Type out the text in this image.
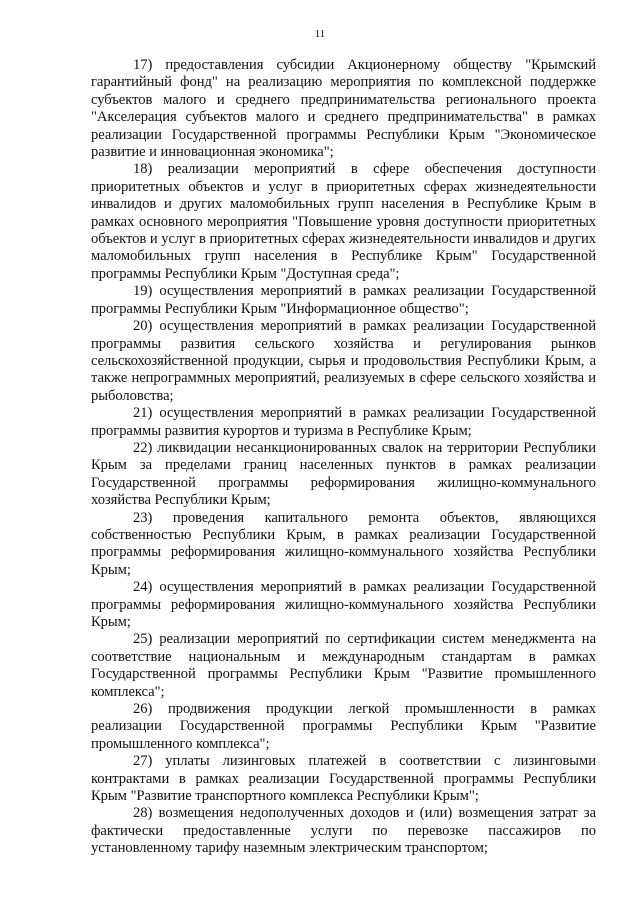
11

17) предоставления субсидии Акционерному обществу "Крымский гарантийный фонд" на реализацию мероприятия по комплексной поддержке субъектов малого и среднего предпринимательства регионального проекта "Акселерация субъектов малого и среднего предпринимательства" в рамках реализации Государственной программы Республики Крым "Экономическое развитие и инновационная экономика";

18) реализации мероприятий в сфере обеспечения доступности приоритетных объектов и услуг в приоритетных сферах жизнедеятельности инвалидов и других маломобильных групп населения в Республике Крым в рамках основного мероприятия "Повышение уровня доступности приоритетных объектов и услуг в приоритетных сферах жизнедеятельности инвалидов и других маломобильных групп населения в Республике Крым" Государственной программы Республики Крым "Доступная среда";

19) осуществления мероприятий в рамках реализации Государственной программы Республики Крым "Информационное общество";

20) осуществления мероприятий в рамках реализации Государственной программы развития сельского хозяйства и регулирования рынков сельскохозяйственной продукции, сырья и продовольствия Республики Крым, а также непрограммных мероприятий, реализуемых в сфере сельского хозяйства и рыболовства;

21) осуществления мероприятий в рамках реализации Государственной программы развития курортов и туризма в Республике Крым;

22) ликвидации несанкционированных свалок на территории Республики Крым за пределами границ населенных пунктов в рамках реализации Государственной программы реформирования жилищно-коммунального хозяйства Республики Крым;

23) проведения капитального ремонта объектов, являющихся собственностью Республики Крым, в рамках реализации Государственной программы реформирования жилищно-коммунального хозяйства Республики Крым;

24) осуществления мероприятий в рамках реализации Государственной программы реформирования жилищно-коммунального хозяйства Республики Крым;

25) реализации мероприятий по сертификации систем менеджмента на соответствие национальным и международным стандартам в рамках Государственной программы Республики Крым "Развитие промышленного комплекса";

26) продвижения продукции легкой промышленности в рамках реализации Государственной программы Республики Крым "Развитие промышленного комплекса";

27) уплаты лизинговых платежей в соответствии с лизинговыми контрактами в рамках реализации Государственной программы Республики Крым "Развитие транспортного комплекса Республики Крым";

28) возмещения недополученных доходов и (или) возмещения затрат за фактически предоставленные услуги по перевозке пассажиров по установленному тарифу наземным электрическим транспортом;
